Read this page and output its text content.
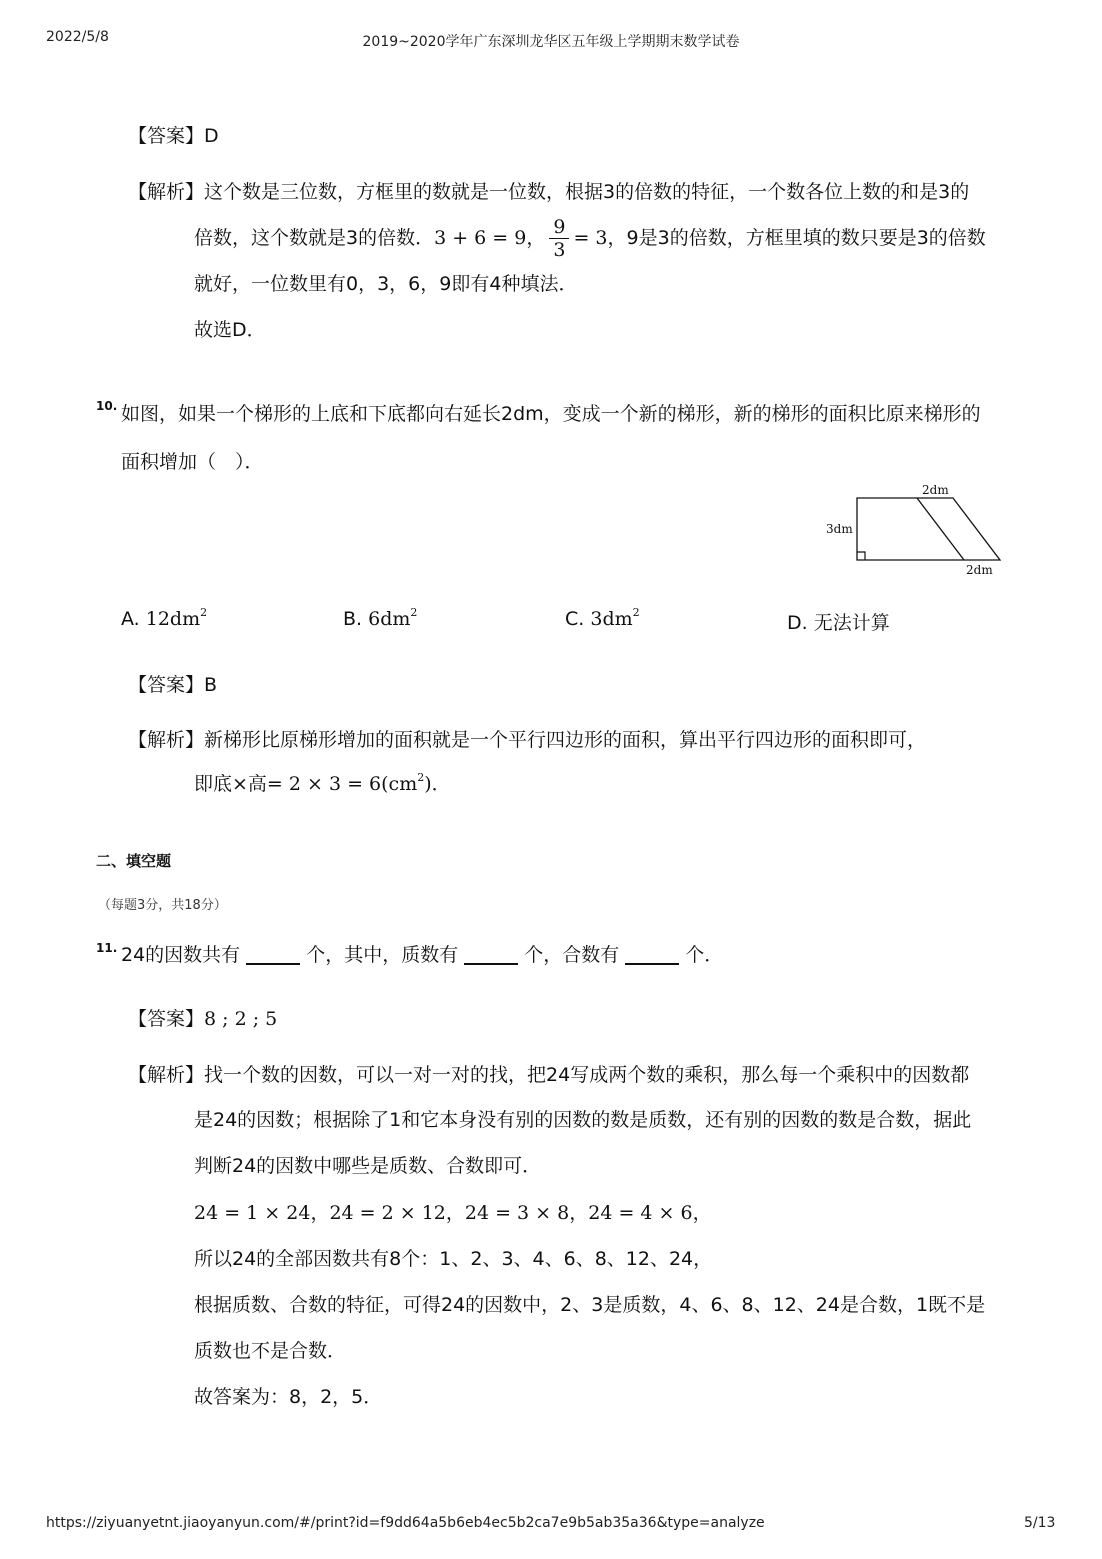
2022/5/8	2019~2020学年广东深圳龙华区五年级上学期期末数学试卷
【答案】D
【解析】这个数是三位数，方框里的数就是一位数，根据3的倍数的特征，一个数各位上数的和是3的
倍数，这个数就是3的倍数． 3 + 6 = 9 ， $\frac{9}{3} = 3$ ，9是3的倍数，方框里填的数只要是3的倍数
就好，一位数里有0，3，6，9即有4种填法．
故选D．
10. 如图，如果一个梯形的上底和下底都向右延长2dm，变成一个新的梯形，新的梯形的面积比原来梯形的
面积增加（　）．
2dm
3dm
2dm
A. $12dm^2$	B. $6dm^2$	C. $3dm^2$	D. 无法计算
【答案】B
【解析】新梯形比原梯形增加的面积就是一个平行四边形的面积，算出平行四边形的面积即可，
即底×高= $2 \times 3 = 6(cm^2)$．
二、填空题
（每题3分，共18分）
11. 24的因数共有	个，其中，质数有	个，合数有	个．
【答案】8 ; 2 ; 5
【解析】找一个数的因数，可以一对一对的找，把24写成两个数的乘积，那么每一个乘积中的因数都
是24的因数；根据除了1和它本身没有别的因数的数是质数，还有别的因数的数是合数，据此
判断24的因数中哪些是质数、合数即可．
24 = 1 × 24，24 = 2 × 12，24 = 3 × 8，24 = 4 × 6，
所以24的全部因数共有8个：1、2、3、4、6、8、12、24，
根据质数、合数的特征，可得24的因数中，2、3是质数，4、6、8、12、24是合数，1既不是
质数也不是合数．
故答案为：8，2，5．
https://ziyuanyetnt.jiaoyanyun.com/#/print?id=f9dd64a5b6eb4ec5b2ca7e9b5ab35a36&type=analyze	5/13
